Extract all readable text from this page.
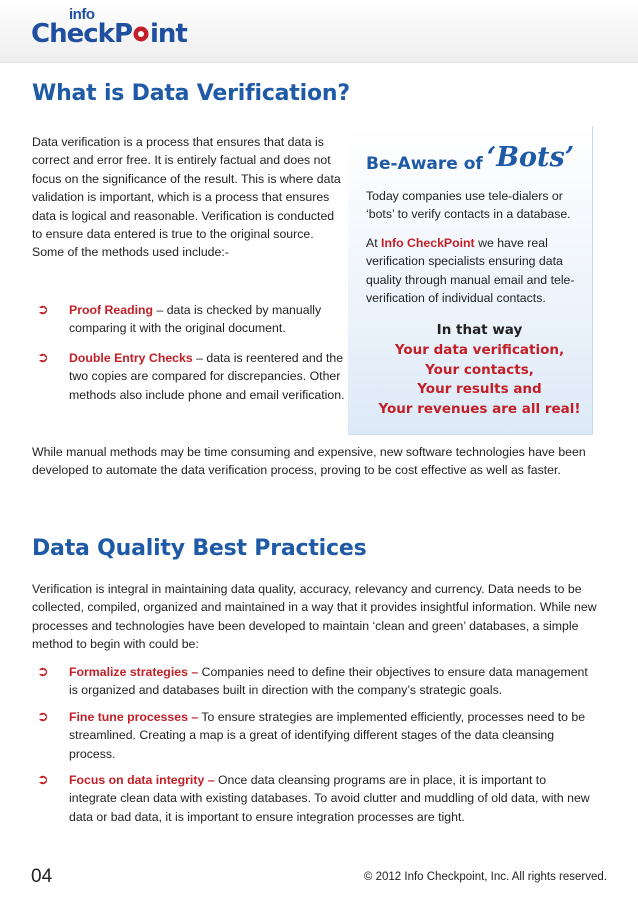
info
CheckP int
What is Data Verification?

Data verification is a process that ensures that data is correct and error free. It is entirely factual and does not focus on the significance of the result. This is where data validation is important, which is a process that ensures data is logical and reasonable. Verification is conducted to ensure data entered is true to the original source. Some of the methods used include:-

➲ Proof Reading – data is checked by manually comparing it with the original document.
➲ Double Entry Checks – data is reentered and the two copies are compared for discrepancies. Other methods also include phone and email verification.
Be-Aware of ‘Bots’

Today companies use tele-dialers or ‘bots’ to verify contacts in a database.

At Info CheckPoint we have real verification specialists ensuring data quality through manual email and tele-verification of individual contacts.

In that way
Your data verification,
Your contacts,
Your results and
Your revenues are all real!

While manual methods may be time consuming and expensive, new software technologies have been developed to automate the data verification process, proving to be cost effective as well as faster.

Data Quality Best Practices

Verification is integral in maintaining data quality, accuracy, relevancy and currency. Data needs to be collected, compiled, organized and maintained in a way that it provides insightful information. While new processes and technologies have been developed to maintain ‘clean and green’ databases, a simple method to begin with could be:

➲ Formalize strategies – Companies need to define their objectives to ensure data management is organized and databases built in direction with the company’s strategic goals.
➲ Fine tune processes – To ensure strategies are implemented efficiently, processes need to be streamlined. Creating a map is a great of identifying different stages of the data cleansing process.
➲ Focus on data integrity – Once data cleansing programs are in place, it is important to integrate clean data with existing databases. To avoid clutter and muddling of old data, with new data or bad data, it is important to ensure integration processes are tight.
04	© 2012 Info Checkpoint, Inc. All rights reserved.
